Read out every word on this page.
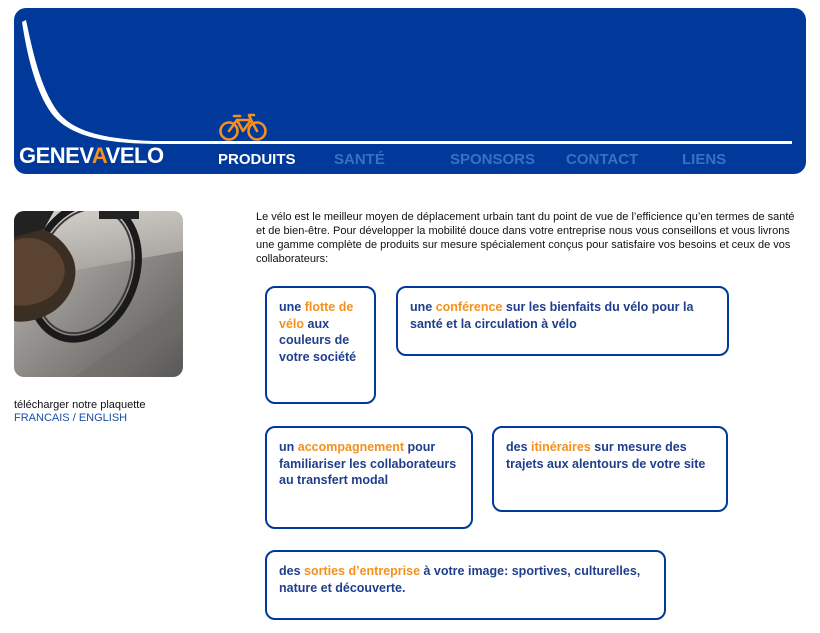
GENEVAVELO	PRODUITS	SANTÉ	SPONSORS CONTACT	LIENS
télécharger notre plaquette
FRANCAIS / ENGLISH

Le vélo est le meilleur moyen de déplacement urbain tant du point de vue de l’efficience qu’en termes de santé et de bien-être. Pour développer la mobilité douce dans votre entreprise nous vous conseillons et vous livrons une gamme complète de produits sur mesure spécialement conçus pour satisfaire vos besoins et ceux de vos collaborateurs:

une flotte de vélo aux couleurs de votre société
une conférence sur les bienfaits du vélo pour la santé et la circulation à vélo
un accompagnement pour familiariser les collaborateurs au transfert modal
des itinéraires sur mesure des trajets aux alentours de votre site
des sorties d’entreprise à votre image: sportives, culturelles, nature et découverte.
